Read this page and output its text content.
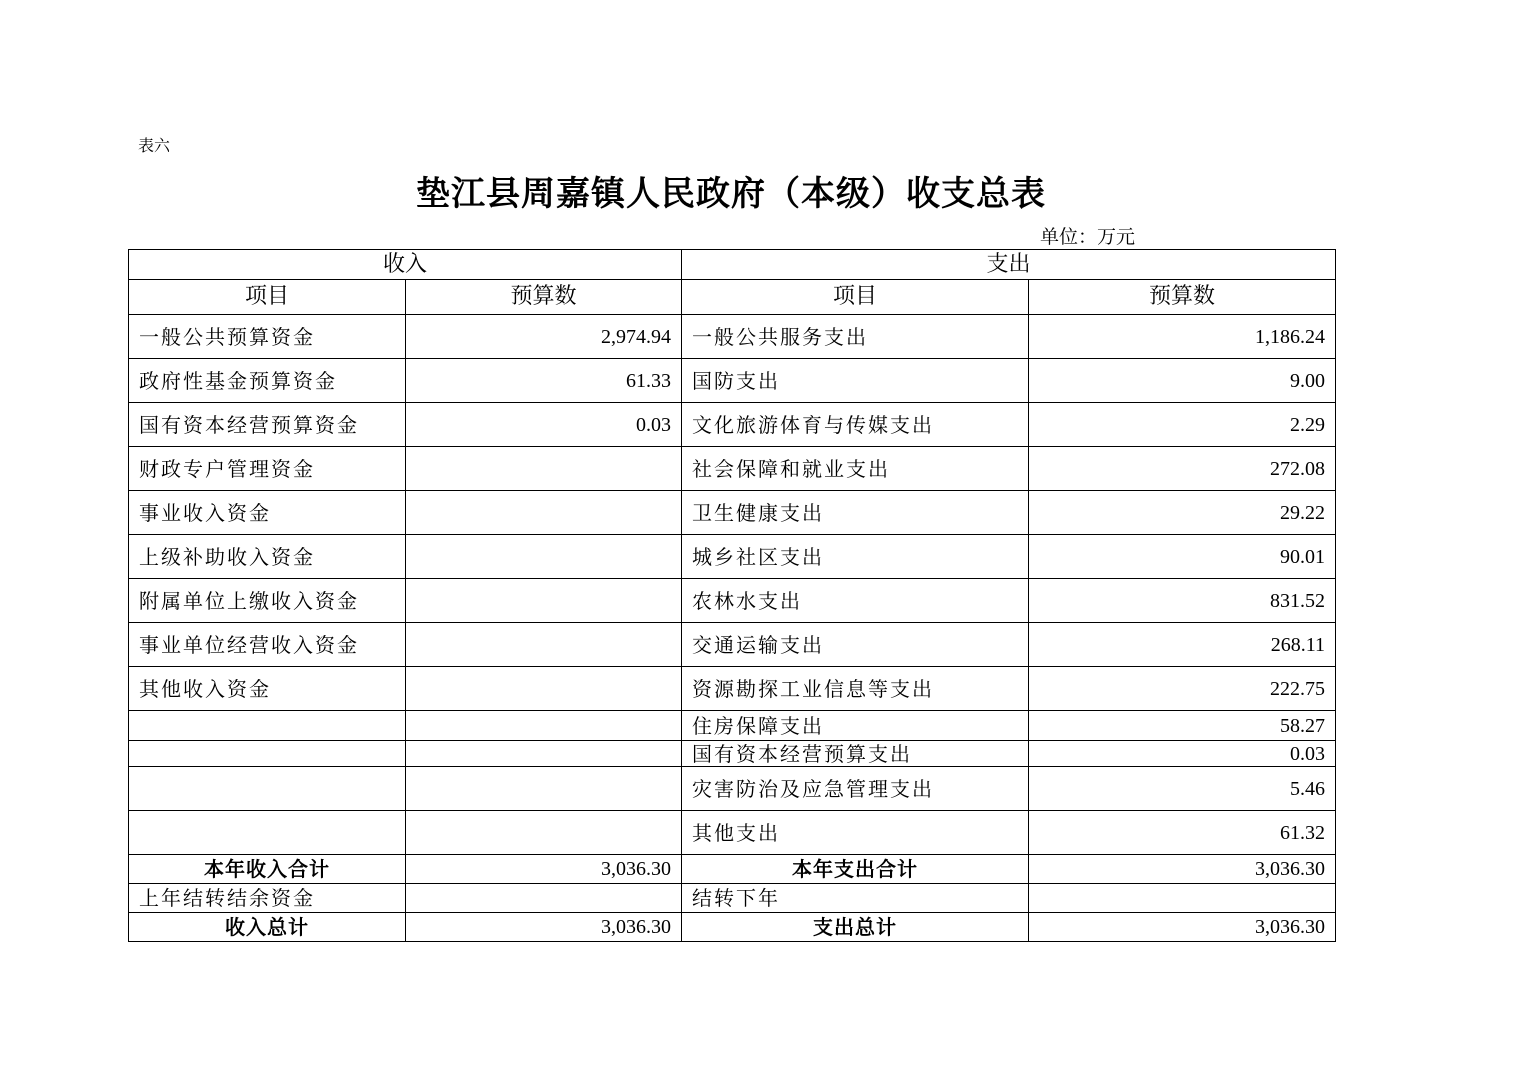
表六
垫江县周嘉镇人民政府（本级）收支总表
单位：万元
收入		支出	
项目	预算数	项目	预算数
一般公共预算资金	2,974.94	一般公共服务支出	1,186.24
政府性基金预算资金	61.33	国防支出	9.00
国有资本经营预算资金	0.03	文化旅游体育与传媒支出	2.29
财政专户管理资金		社会保障和就业支出	272.08
事业收入资金		卫生健康支出	29.22
上级补助收入资金		城乡社区支出	90.01
附属单位上缴收入资金		农林水支出	831.52
事业单位经营收入资金		交通运输支出	268.11
其他收入资金		资源勘探工业信息等支出	222.75
		住房保障支出	58.27
		国有资本经营预算支出	0.03
		灾害防治及应急管理支出	5.46
		其他支出	61.32
本年收入合计	3,036.30	本年支出合计	3,036.30
上年结转结余资金		结转下年	
收入总计	3,036.30	支出总计	3,036.30
